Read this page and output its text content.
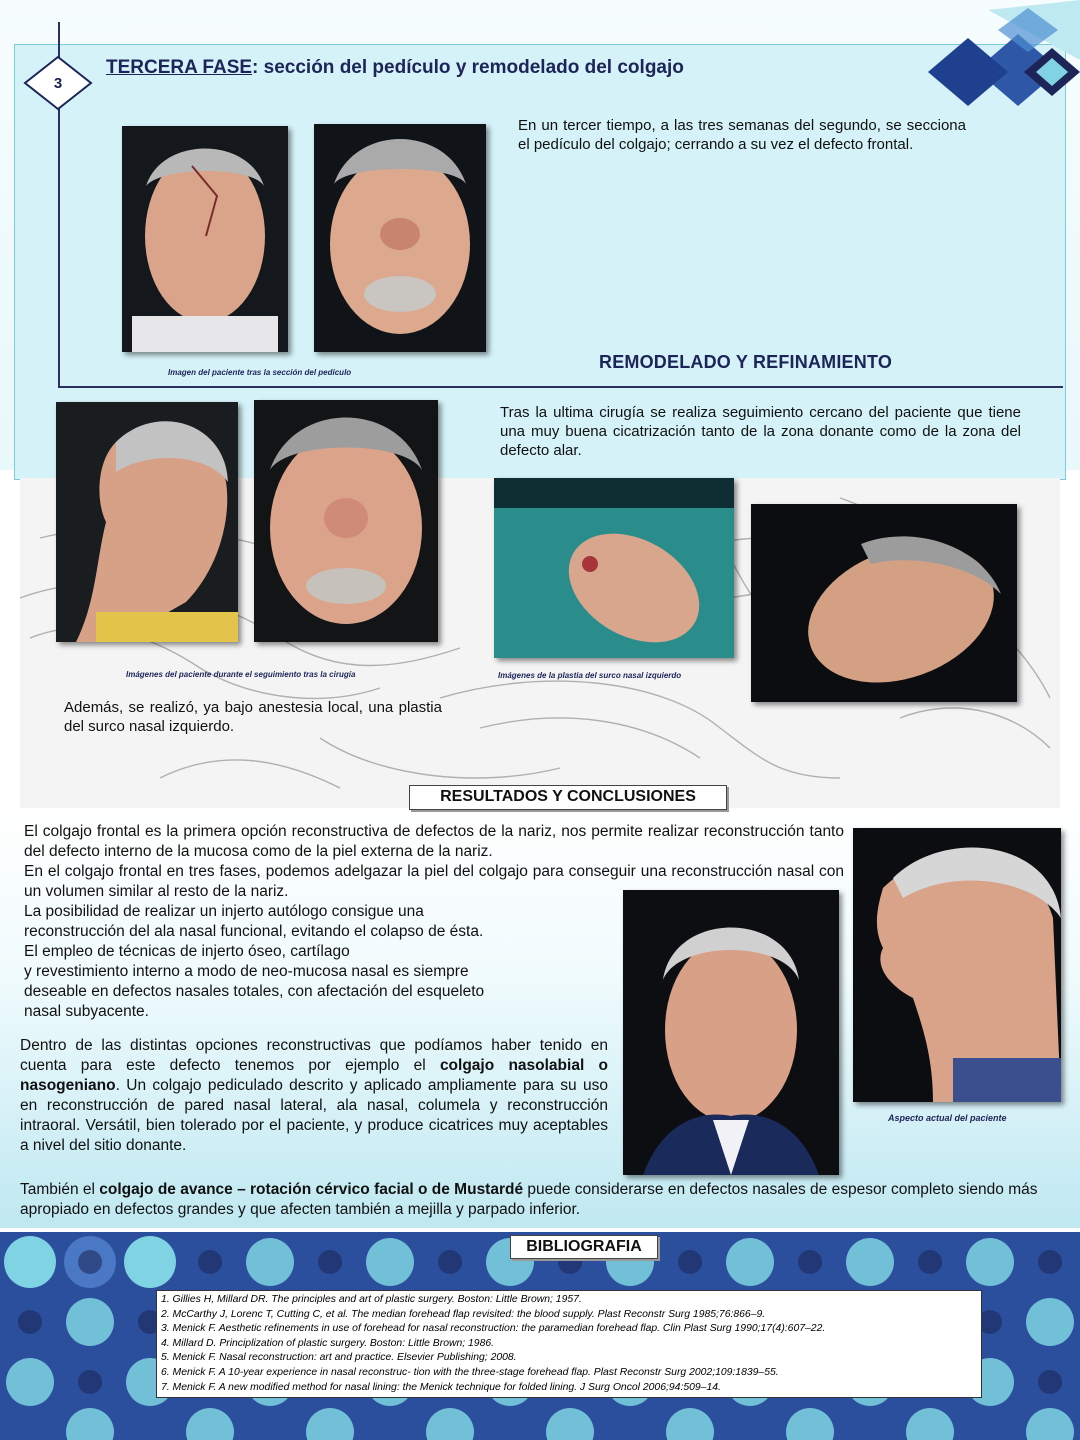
3
TERCERA FASE: sección del pedículo y remodelado del colgajo
Imagen del paciente tras la sección del pedículo
En un tercer tiempo, a las tres semanas del segundo, se secciona el pedículo del colgajo; cerrando a su vez el defecto frontal.
REMODELADO Y REFINAMIENTO
Imágenes del paciente durante el seguimiento tras la cirugía
Tras la ultima cirugía se realiza seguimiento cercano del paciente que tiene una muy buena cicatrización tanto de la zona donante como de la zona del defecto alar.
Imágenes de la plastia del surco nasal izquierdo
Además, se realizó, ya bajo anestesia local, una plastia del surco nasal izquierdo.
RESULTADOS Y CONCLUSIONES

El colgajo frontal es la primera opción reconstructiva de defectos de la nariz, nos permite realizar reconstrucción tanto del defecto interno de la mucosa como de la piel externa de la nariz.

En el colgajo frontal en tres fases, podemos adelgazar la piel del colgajo para conseguir una reconstrucción nasal con un volumen similar al resto de la nariz.

La posibilidad de realizar un injerto autólogo consigue una
reconstrucción del ala nasal funcional, evitando el colapso de ésta.
El empleo de técnicas de injerto óseo, cartílago
y revestimiento interno a modo de neo-mucosa nasal es siempre
deseable en defectos nasales totales, con afectación del esqueleto
nasal subyacente.
Dentro de las distintas opciones reconstructivas que podíamos haber tenido en cuenta para este defecto tenemos por ejemplo el colgajo nasolabial o nasogeniano. Un colgajo pediculado descrito y aplicado ampliamente para su uso en reconstrucción de pared nasal lateral, ala nasal, columela y reconstrucción intraoral. Versátil, bien tolerado por el paciente, y produce cicatrices muy aceptables a nivel del sitio donante.
También el colgajo de avance – rotación cérvico facial o de Mustardé puede considerarse en defectos nasales de espesor completo siendo más apropiado en defectos grandes y que afecten también a mejilla y parpado inferior.
Aspecto actual del paciente
BIBLIOGRAFIA
1. Gillies H, Millard DR. The principles and art of plastic surgery. Boston: Little Brown; 1957.
2. McCarthy J, Lorenc T, Cutting C, et al. The median forehead flap revisited: the blood supply. Plast Reconstr Surg 1985;76:866–9.
3. Menick F. Aesthetic refinements in use of forehead for nasal reconstruction: the paramedian forehead flap. Clin Plast Surg 1990;17(4):607–22.
4. Millard D. Principlization of plastic surgery. Boston: Little Brown; 1986.
5. Menick F. Nasal reconstruction: art and practice. Elsevier Publishing; 2008.
6. Menick F. A 10-year experience in nasal reconstruc- tion with the three-stage forehead flap. Plast Reconstr Surg 2002;109:1839–55.
7. Menick F. A new modified method for nasal lining: the Menick technique for folded lining. J Surg Oncol 2006;94:509–14.
